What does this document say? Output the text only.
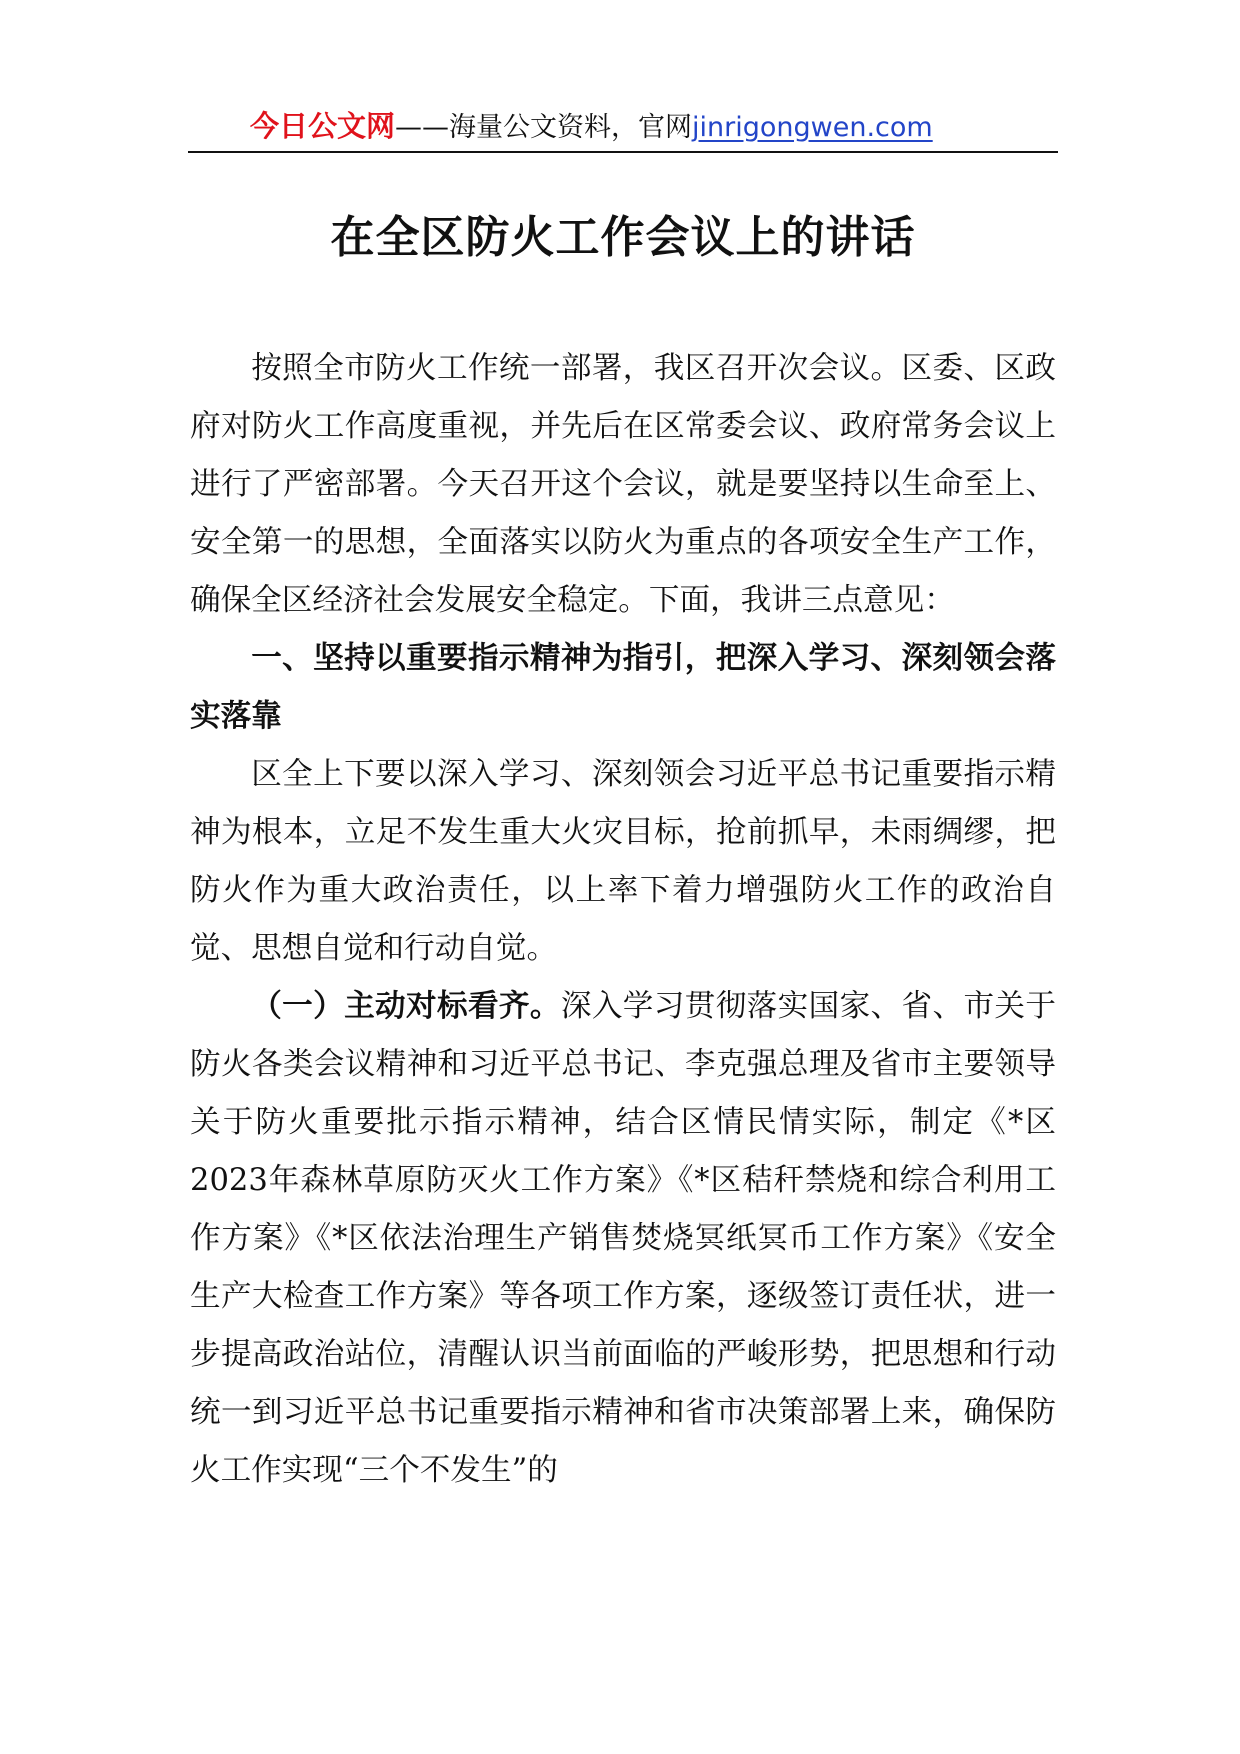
今日公文网——海量公文资料，官网jinrigongwen.com
在全区防火工作会议上的讲话

按照全市防火工作统一部署，我区召开次会议。区委、区政府对防火工作高度重视，并先后在区常委会议、政府常务会议上进行了严密部署。今天召开这个会议，就是要坚持以生命至上、安全第一的思想，全面落实以防火为重点的各项安全生产工作，确保全区经济社会发展安全稳定。下面，我讲三点意见：

一、坚持以重要指示精神为指引，把深入学习、深刻领会落实落靠

区全上下要以深入学习、深刻领会习近平总书记重要指示精神为根本，立足不发生重大火灾目标，抢前抓早，未雨绸缪，把防火作为重大政治责任，以上率下着力增强防火工作的政治自觉、思想自觉和行动自觉。

（一）主动对标看齐。深入学习贯彻落实国家、省、市关于防火各类会议精神和习近平总书记、李克强总理及省市主要领导关于防火重要批示指示精神，结合区情民情实际，制定《*区2023年森林草原防灭火工作方案》《*区秸秆禁烧和综合利用工作方案》《*区依法治理生产销售焚烧冥纸冥币工作方案》《安全生产大检查工作方案》等各项工作方案，逐级签订责任状，进一步提高政治站位，清醒认识当前面临的严峻形势，把思想和行动统一到习近平总书记重要指示精神和省市决策部署上来，确保防火工作实现“三个不发生”的
